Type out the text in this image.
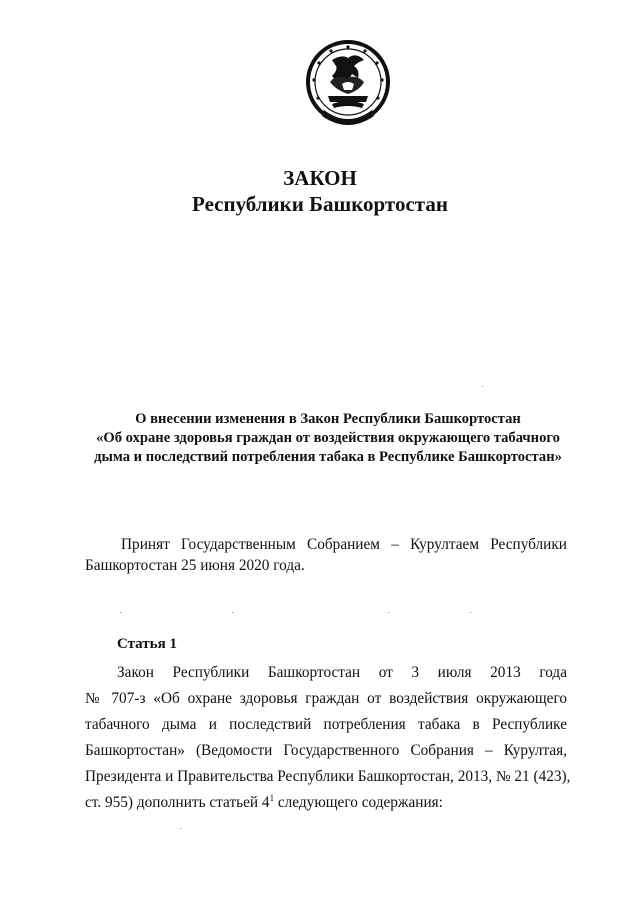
ЗАКОН
Республики Башкортостан
О внесении изменения в Закон Республики Башкортостан
«Об охране здоровья граждан от воздействия окружающего табачного
дыма и последствий потребления табака в Республике Башкортостан»
Принят Государственным Собранием – Курултаем Республики
Башкортостан 25 июня 2020 года.
Статья 1
Закон Республики Башкортостан от 3 июля 2013 года
№ 707-з «Об охране здоровья граждан от воздействия окружающего
табачного дыма и последствий потребления табака в Республике
Башкортостан» (Ведомости Государственного Собрания – Курултая,
Президента и Правительства Республики Башкортостан, 2013, № 21 (423),
ст. 955) дополнить статьей $4^1$ следующего содержания:
